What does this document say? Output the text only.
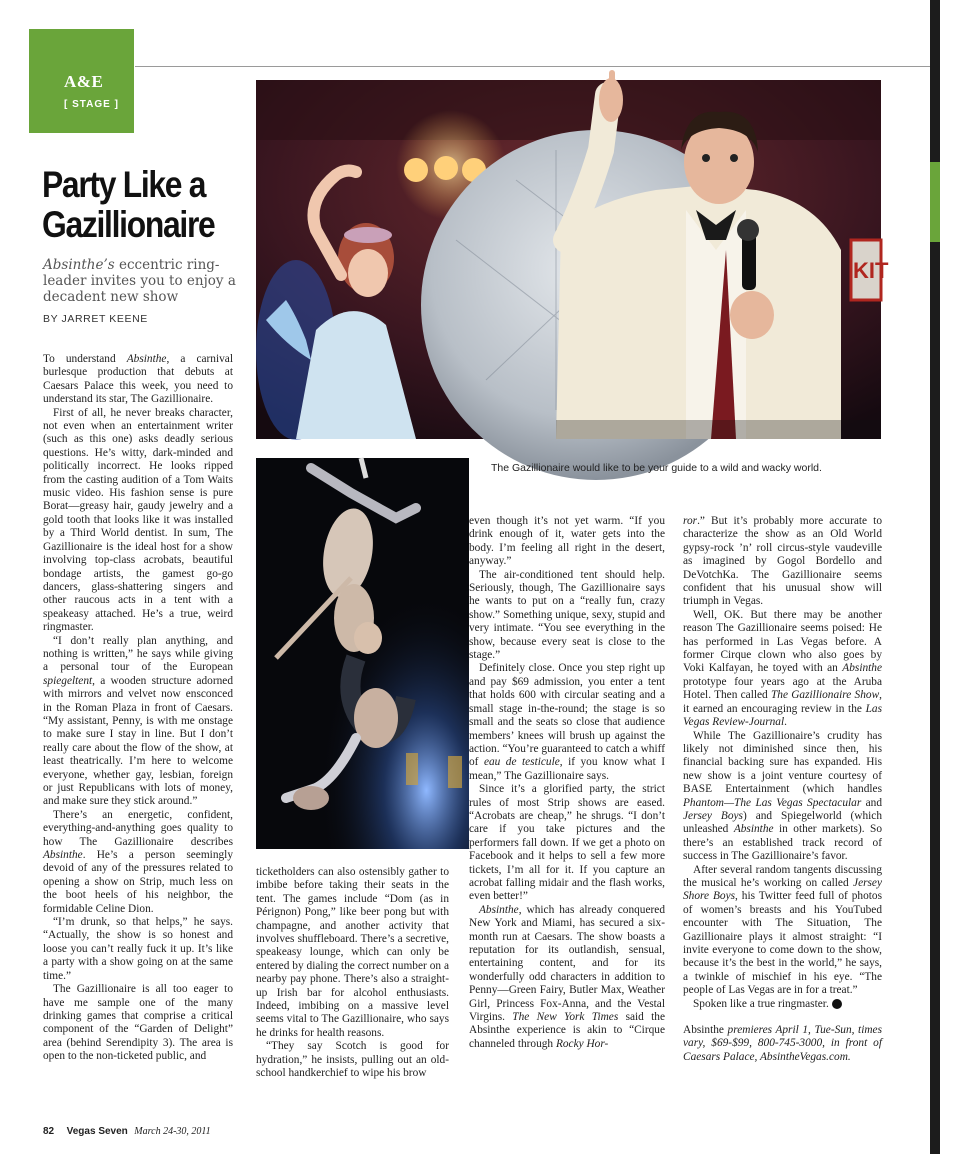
A&E
[ STAGE ]
Party Like a Gazillionaire

Absinthe’s eccentric ring-leader invites you to enjoy a decadent new show

BY JARRET KEENE
KIT
The Gazillionaire would like to be your guide to a wild and wacky world.

To understand Absinthe, a carnival burlesque production that debuts at Caesars Palace this week, you need to understand its star, The Gazillionaire.

First of all, he never breaks character, not even when an entertainment writer (such as this one) asks deadly serious questions. He’s witty, dark-minded and politically incorrect. He looks ripped from the casting audition of a Tom Waits music video. His fashion sense is pure Borat—greasy hair, gaudy jewelry and a gold tooth that looks like it was installed by a Third World dentist. In sum, The Gazillionaire is the ideal host for a show involving top-class acrobats, beautiful bondage artists, the gamest go-go dancers, glass-shattering singers and other raucous acts in a tent with a speakeasy attached. He’s a true, weird ringmaster.

“I don’t really plan anything, and nothing is written,” he says while giving a personal tour of the European spiegeltent, a wooden structure adorned with mirrors and velvet now ensconced in the Roman Plaza in front of Caesars. “My assistant, Penny, is with me onstage to make sure I stay in line. But I don’t really care about the flow of the show, at least theatrically. I’m here to welcome everyone, whether gay, lesbian, foreign or just Republicans with lots of money, and make sure they stick around.”

There’s an energetic, confident, everything-and-anything goes quality to how The Gazillionaire describes Absinthe. He’s a person seemingly devoid of any of the pressures related to opening a show on Strip, much less on the boot heels of his neighbor, the formidable Celine Dion.

“I’m drunk, so that helps,” he says. “Actually, the show is so honest and loose you can’t really fuck it up. It’s like a party with a show going on at the same time.”

The Gazillionaire is all too eager to have me sample one of the many drinking games that comprise a critical component of the “Garden of Delight” area (behind Serendipity 3). The area is open to the non-ticketed public, and

ticketholders can also ostensibly gather to imbibe before taking their seats in the tent. The games include “Dom (as in Pérignon) Pong,” like beer pong but with champagne, and another activity that involves shuffleboard. There’s a secretive, speakeasy lounge, which can only be entered by dialing the correct number on a nearby pay phone. There’s also a straight-up Irish bar for alcohol enthusiasts. Indeed, imbibing on a massive level seems vital to The Gazillionaire, who says he drinks for health reasons.

“They say Scotch is good for hydration,” he insists, pulling out an old-school handkerchief to wipe his brow

even though it’s not yet warm. “If you drink enough of it, water gets into the body. I’m feeling all right in the desert, anyway.”

The air-conditioned tent should help. Seriously, though, The Gazillionaire says he wants to put on a “really fun, crazy show.” Something unique, sexy, stupid and very intimate. “You see everything in the show, because every seat is close to the stage.”

Definitely close. Once you step right up and pay $69 admission, you enter a tent that holds 600 with circular seating and a small stage in-the-round; the stage is so small and the seats so close that audience members’ knees will brush up against the action. “You’re guaranteed to catch a whiff of eau de testicule, if you know what I mean,” The Gazillionaire says.

Since it’s a glorified party, the strict rules of most Strip shows are eased. “Acrobats are cheap,” he shrugs. “I don’t care if you take pictures and the performers fall down. If we get a photo on Facebook and it helps to sell a few more tickets, I’m all for it. If you capture an acrobat falling midair and the flash works, even better!”

Absinthe, which has already conquered New York and Miami, has secured a six-month run at Caesars. The show boasts a reputation for its outlandish, sensual, entertaining content, and for its wonderfully odd characters in addition to Penny—Green Fairy, Butler Max, Weather Girl, Princess Fox-Anna, and the Vestal Virgins. The New York Times said the Absinthe experience is akin to “Cirque channeled through Rocky Hor-

ror.” But it’s probably more accurate to characterize the show as an Old World gypsy-rock ’n’ roll circus-style vaudeville as imagined by Gogol Bordello and DeVotchKa. The Gazillionaire seems confident that his unusual show will triumph in Vegas.

Well, OK. But there may be another reason The Gazillionaire seems poised: He has performed in Las Vegas before. A former Cirque clown who also goes by Voki Kalfayan, he toyed with an Absinthe prototype four years ago at the Aruba Hotel. Then called The Gazillionaire Show, it earned an encouraging review in the Las Vegas Review-Journal.

While The Gazillionaire’s crudity has likely not diminished since then, his financial backing sure has expanded. His new show is a joint venture courtesy of BASE Entertainment (which handles Phantom—The Las Vegas Spectacular and Jersey Boys) and Spiegelworld (which unleashed Absinthe in other markets). So there’s an established track record of success in The Gazillionaire’s favor.

After several random tangents discussing the musical he’s working on called Jersey Shore Boys, his Twitter feed full of photos of women’s breasts and his YouTubed encounter with The Situation, The Gazillionaire plays it almost straight: “I invite everyone to come down to the show, because it’s the best in the world,” he says, a twinkle of mischief in his eye. “The people of Las Vegas are in for a treat.”

Spoken like a true ringmaster. 7

Absinthe premieres April 1, Tue-Sun, times vary, $69-$99, 800-745-3000, in front of Caesars Palace, AbsintheVegas.com.

82 Vegas Seven March 24-30, 2011
